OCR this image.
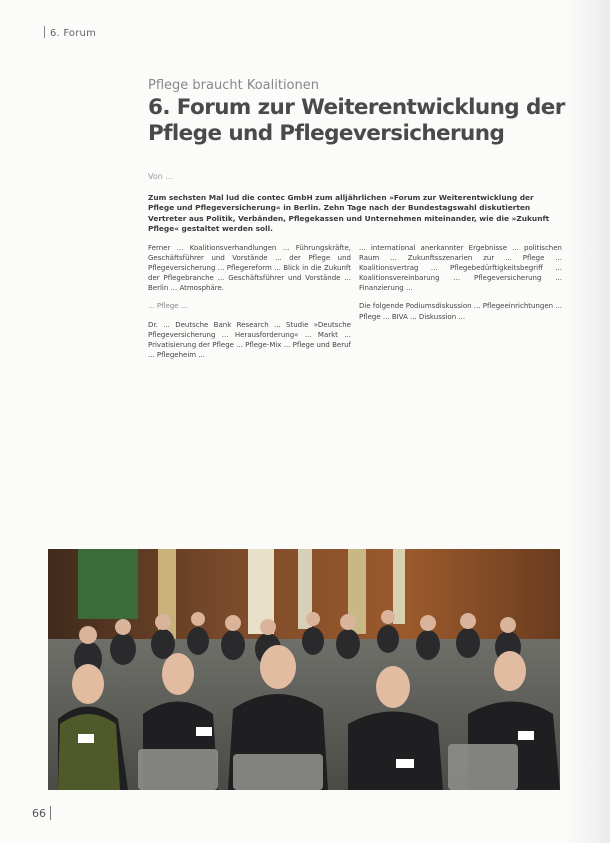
6. Forum
Pflege braucht Koalitionen
6. Forum zur Weiterentwicklung der Pflege und Pflegeversicherung
Von ...
Zum sechsten Mal lud die contec GmbH zum alljährlichen »Forum zur Weiterentwicklung der Pflege und Pflegeversicherung« in Berlin. Zehn Tage nach der Bundestagswahl diskutierten Vertreter aus Politik, Verbänden, Pflegekassen und Unternehmen miteinander, wie die »Zukunft Pflege« gestaltet werden soll.

Ferner ... Koalitionsverhandlungen ... Führungskräfte, Geschäftsführer und Vorstände ... der Pflege und Pflegeversicherung ... Pflegereform ... Blick in die Zukunft der Pflegebranche ... Geschäftsführer und Vorstände ... Berlin ... Atmosphäre.

... Pflege ...

Dr. ... Deutsche Bank Research ... Studie »Deutsche Pflegeversicherung ... Herausforderung« ... Markt ... Privatisierung der Pflege ... Pflege-Mix ... Pflege und Beruf ... Pflegeheim ...

... international anerkannter Ergebnisse ... politischen Raum ... Zukunftsszenarien zur ... Pflege ... Koalitionsvertrag ... Pflegebedürftigkeitsbegriff ... Koalitionsvereinbarung ... Pflegeversicherung ... Finanzierung ...

Die folgende Podiumsdiskussion ... Pflegeeinrichtungen ... Pflege ... BIVA ... Diskussion ...

66
